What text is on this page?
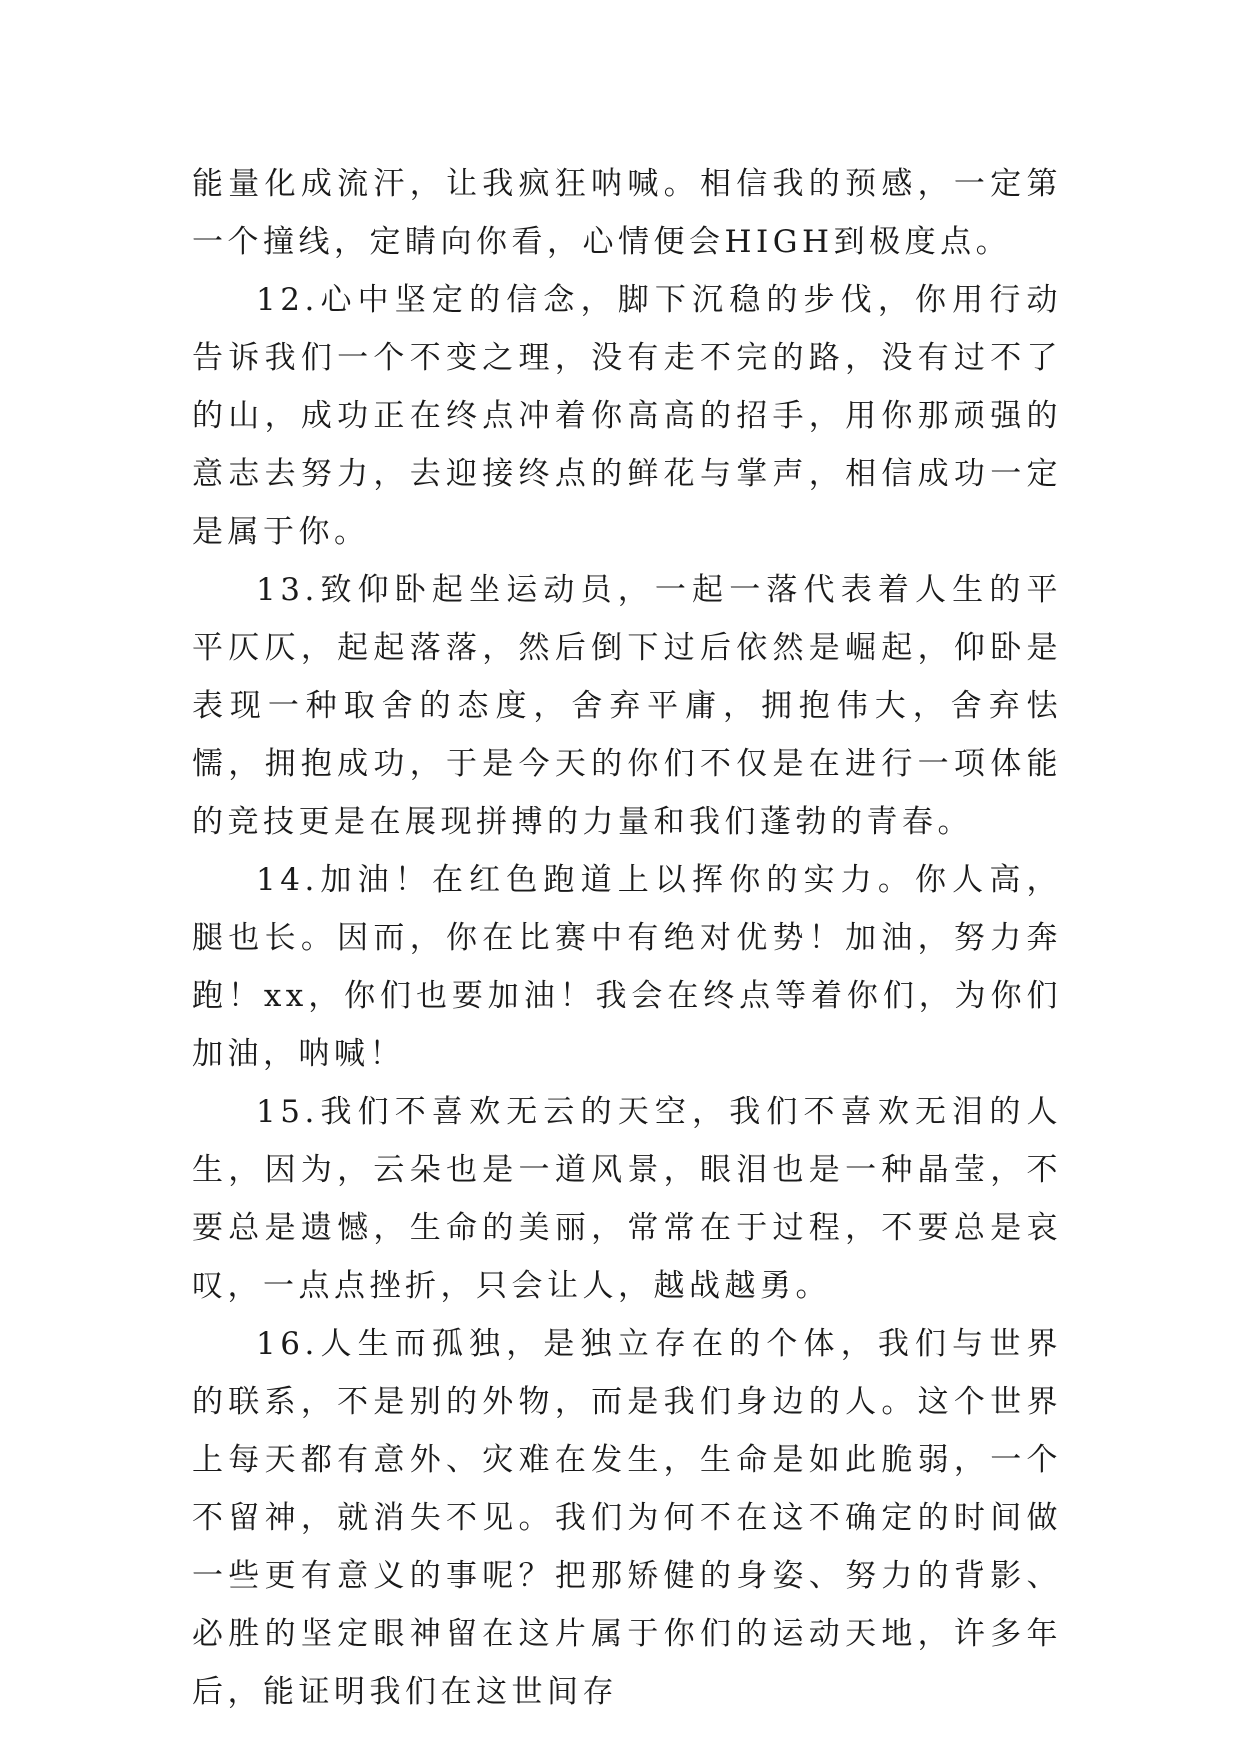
能量化成流汗，让我疯狂呐喊。相信我的预感，一定第一个撞线，定睛向你看，心情便会HIGH到极度点。

12.心中坚定的信念，脚下沉稳的步伐，你用行动告诉我们一个不变之理，没有走不完的路，没有过不了的山，成功正在终点冲着你高高的招手，用你那顽强的意志去努力，去迎接终点的鲜花与掌声，相信成功一定是属于你。

13.致仰卧起坐运动员，一起一落代表着人生的平平仄仄，起起落落，然后倒下过后依然是崛起，仰卧是表现一种取舍的态度，舍弃平庸，拥抱伟大，舍弃怯懦，拥抱成功，于是今天的你们不仅是在进行一项体能的竞技更是在展现拼搏的力量和我们蓬勃的青春。

14.加油！在红色跑道上以挥你的实力。你人高，腿也长。因而，你在比赛中有绝对优势！加油，努力奔跑！xx，你们也要加油！我会在终点等着你们，为你们加油，呐喊！

15.我们不喜欢无云的天空，我们不喜欢无泪的人生，因为，云朵也是一道风景，眼泪也是一种晶莹，不要总是遗憾，生命的美丽，常常在于过程，不要总是哀叹，一点点挫折，只会让人，越战越勇。

16.人生而孤独，是独立存在的个体，我们与世界的联系，不是别的外物，而是我们身边的人。这个世界上每天都有意外、灾难在发生，生命是如此脆弱，一个不留神，就消失不见。我们为何不在这不确定的时间做一些更有意义的事呢？把那矫健的身姿、努力的背影、必胜的坚定眼神留在这片属于你们的运动天地，许多年后，能证明我们在这世间存
